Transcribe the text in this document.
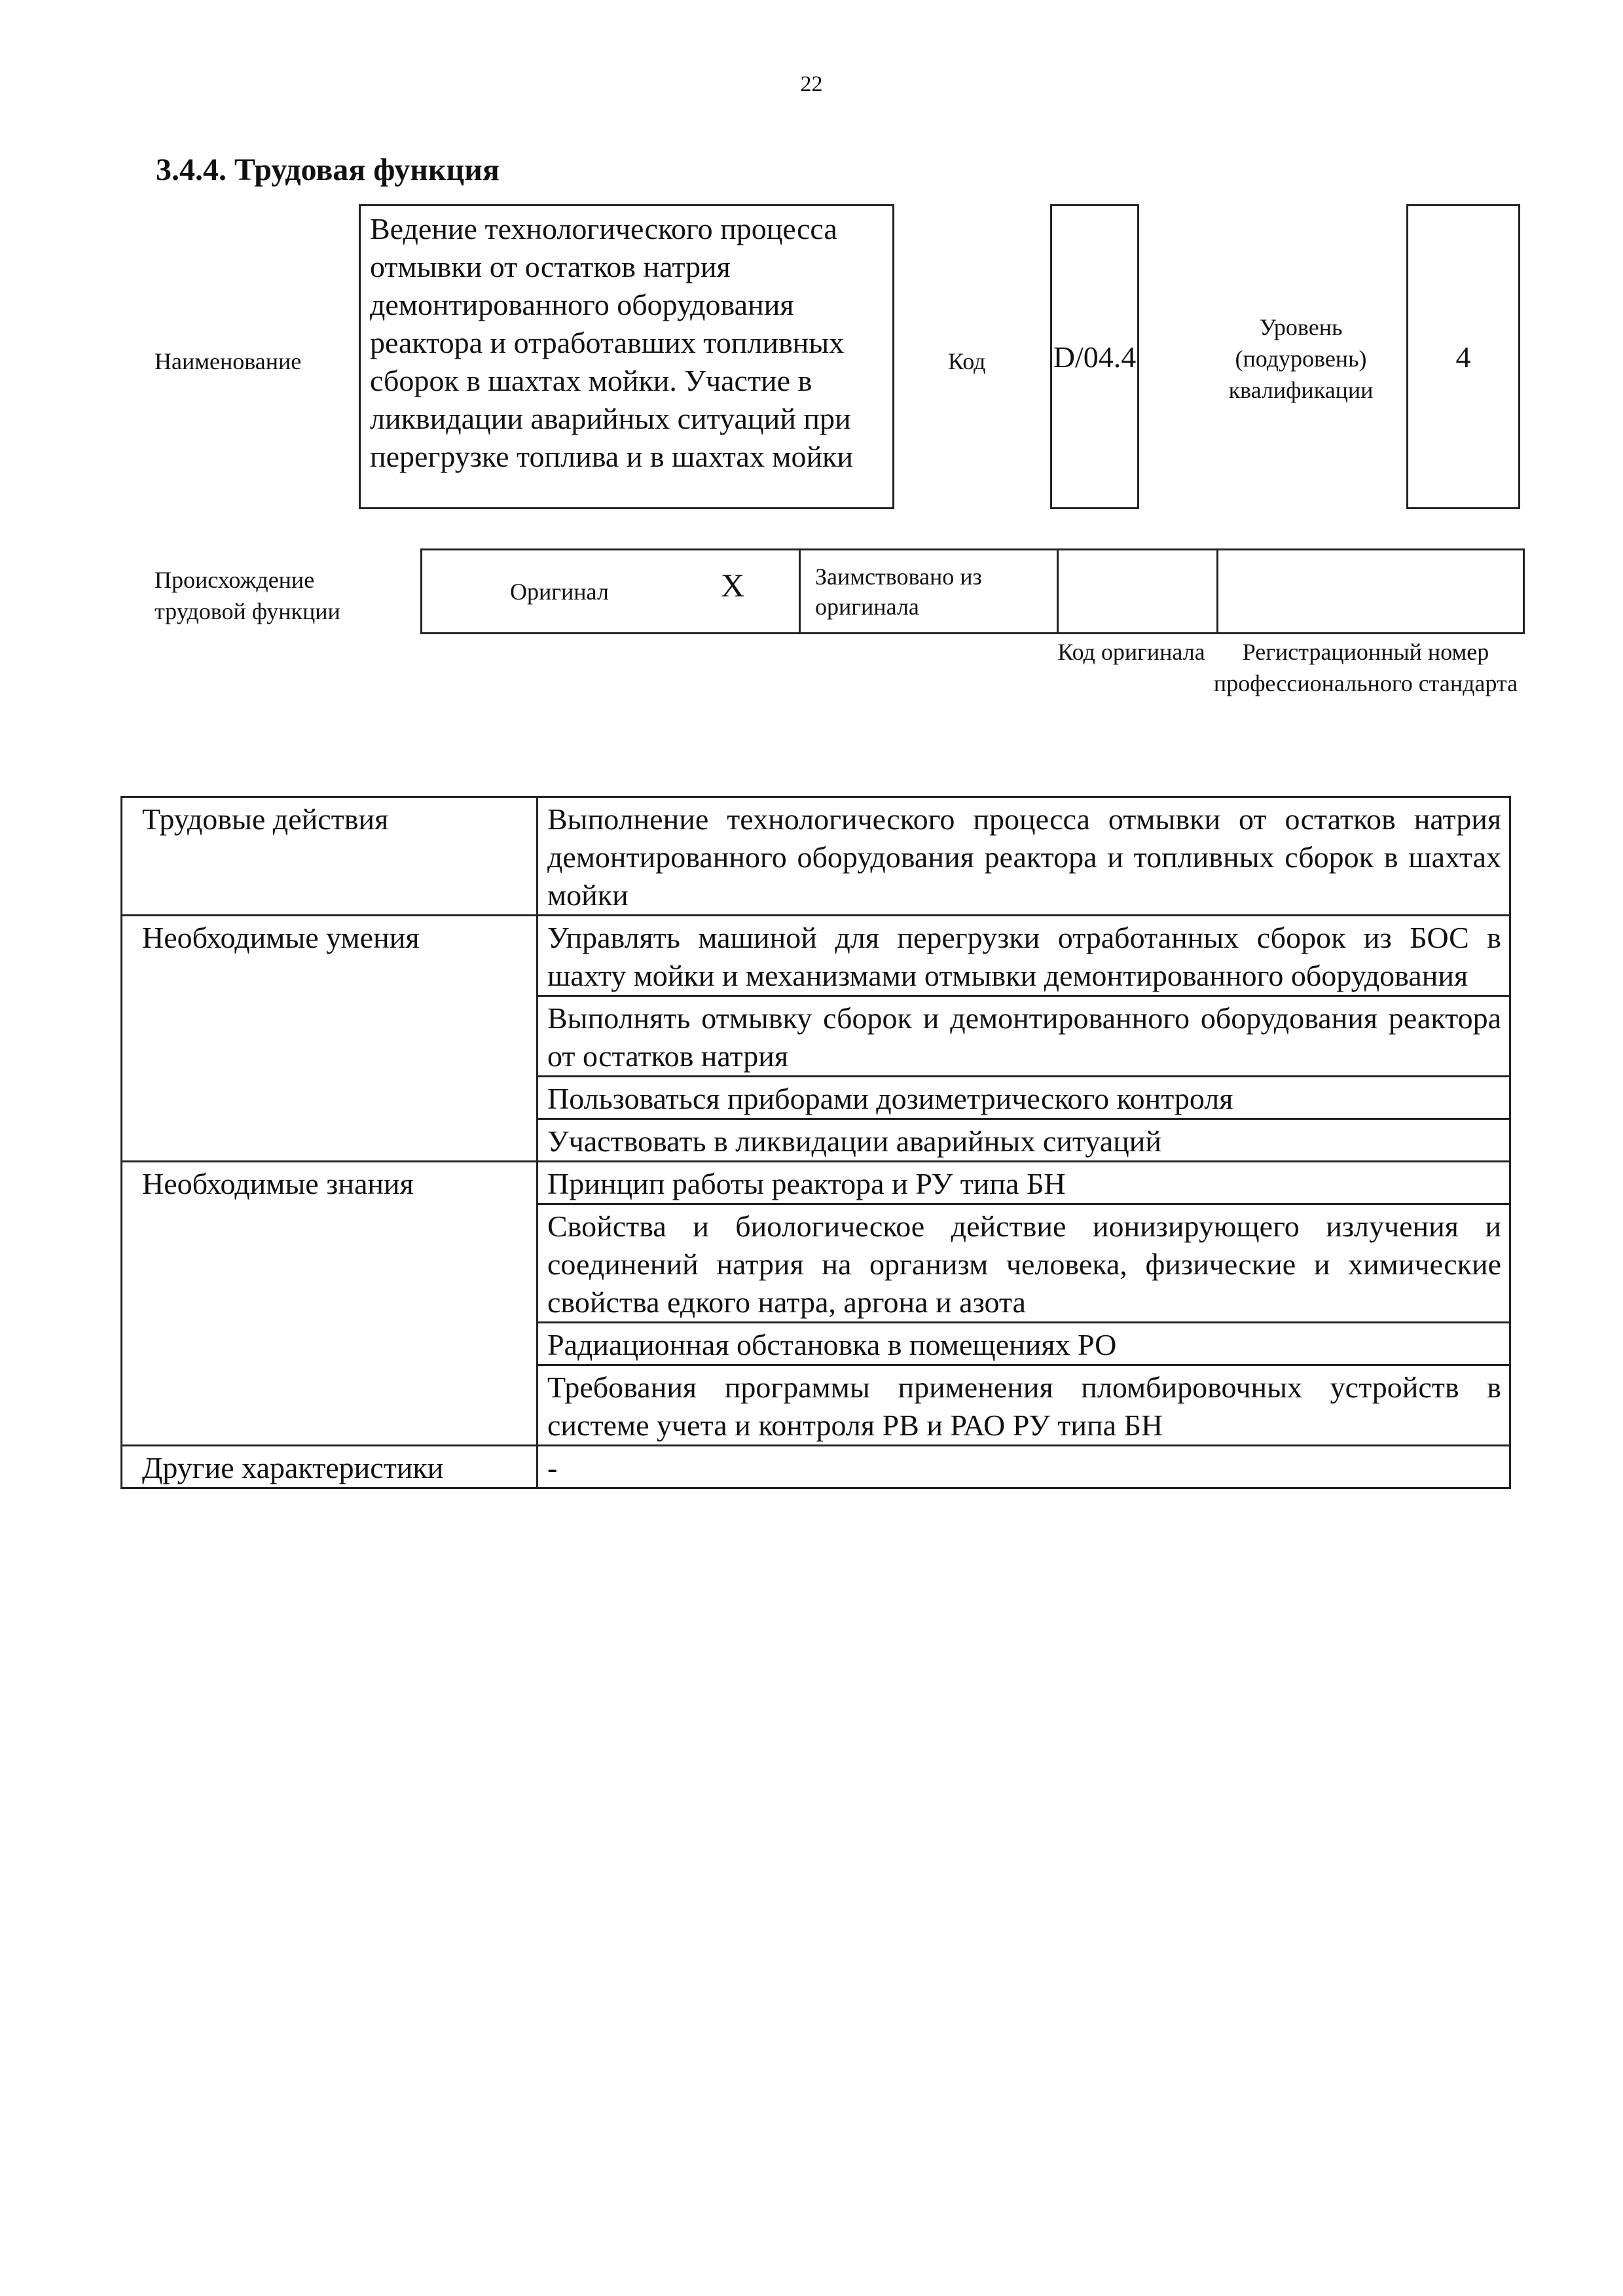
22
3.4.4. Трудовая функция
Наименование
Ведение технологического процесса отмывки от остатков натрия демонтированного оборудования реактора и отработавших топливных сборок в шахтах мойки. Участие в ликвидации аварийных ситуаций при перегрузке топлива и в шахтах мойки
Код D/04.4
Уровень (подуровень) квалификации
4
Происхождение трудовой функции
Оригинал	X	Заимствовано из оригинала		
Код оригинала	Регистрационный номер профессионального стандарта
Трудовые действия	Выполнение технологического процесса отмывки от остатков натрия демонтированного оборудования реактора и топливных сборок в шахтах мойки
Необходимые умения	Управлять машиной для перегрузки отработанных сборок из БОС в шахту мойки и механизмами отмывки демонтированного оборудования
	Выполнять отмывку сборок и демонтированного оборудования реактора от остатков натрия
	Пользоваться приборами дозиметрического контроля
	Участвовать в ликвидации аварийных ситуаций
Необходимые знания	Принцип работы реактора и РУ типа БН
	Свойства и биологическое действие ионизирующего излучения и соединений натрия на организм человека, физические и химические свойства едкого натра, аргона и азота
	Радиационная обстановка в помещениях РО
	Требования программы применения пломбировочных устройств в системе учета и контроля РВ и РАО РУ типа БН
Другие характеристики	-
